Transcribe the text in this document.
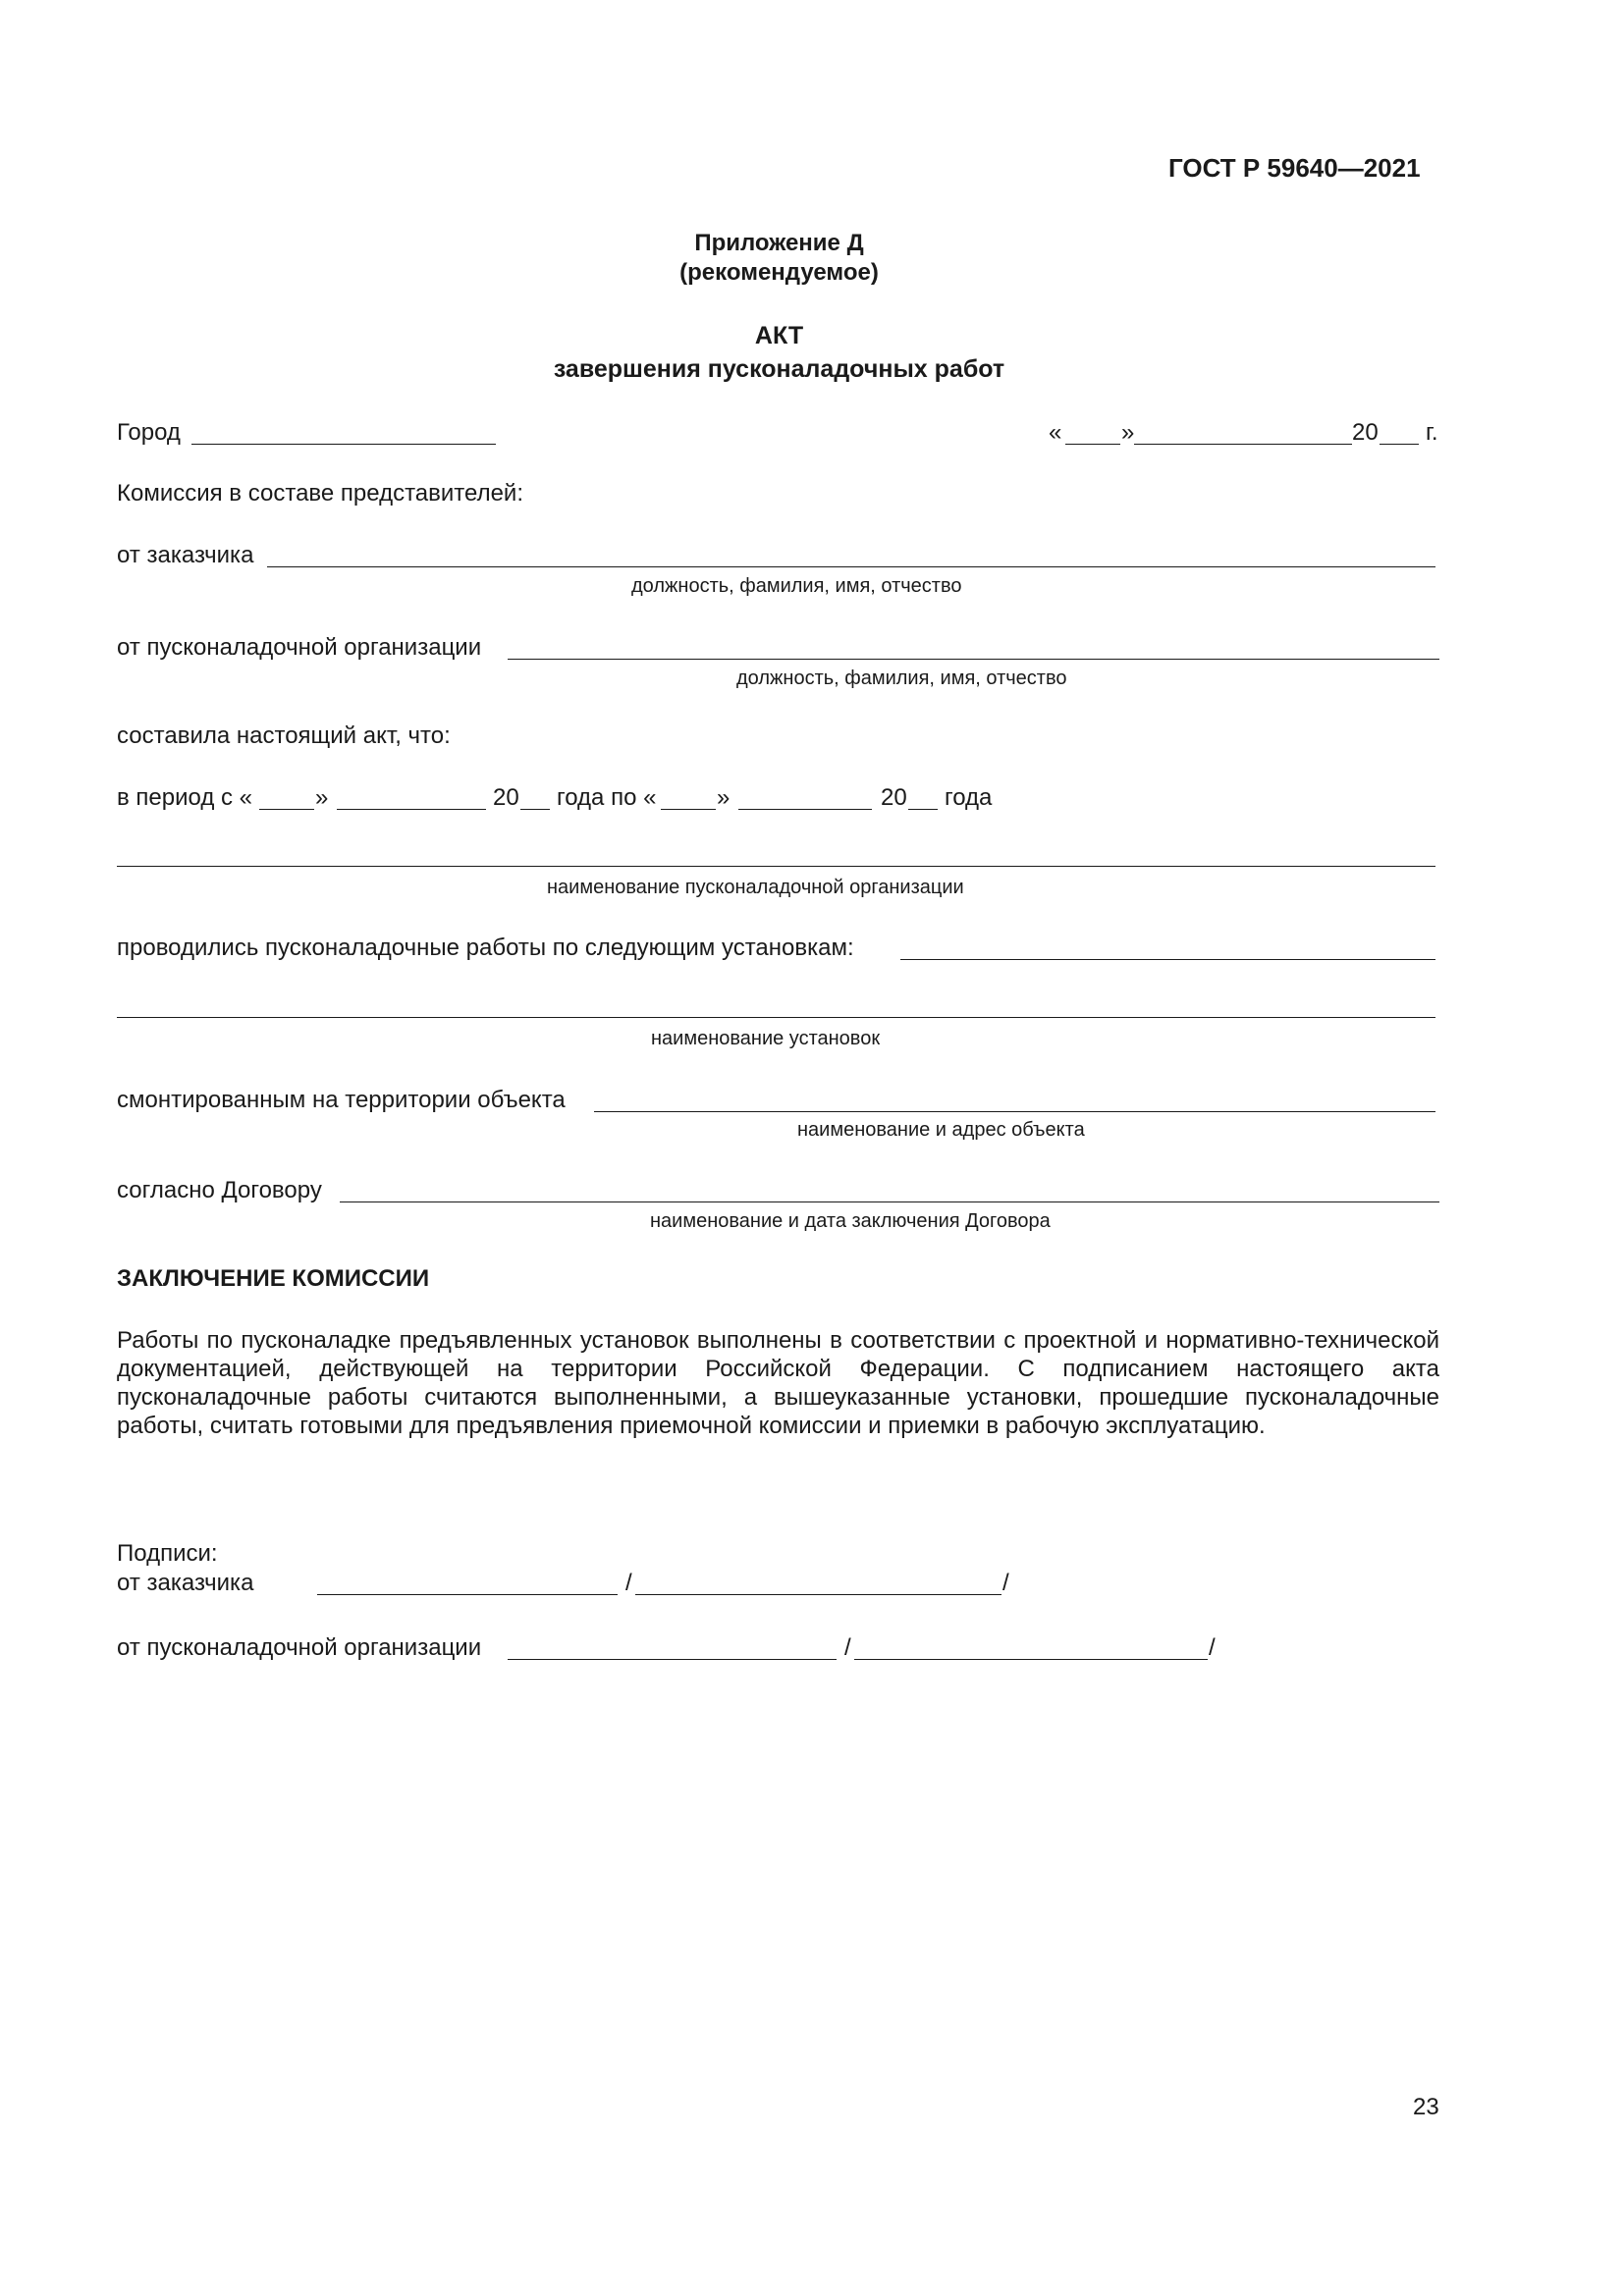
ГОСТ Р 59640—2021
Приложение Д
(рекомендуемое)
АКТ
завершения пусконаладочных работ
Город	«	»	20 г.
Комиссия в составе представителей:
от заказчика
должность, фамилия, имя, отчество
от пусконаладочной организации
должность, фамилия, имя, отчество
составила настоящий акт, что:
в период с «	»	20 года по «	»	20 года
наименование пусконаладочной организации
проводились пусконаладочные работы по следующим установкам:
наименование установок
смонтированным на территории объекта
наименование и адрес объекта
согласно Договору
наименование и дата заключения Договора
ЗАКЛЮЧЕНИЕ КОМИССИИ
Работы по пусконаладке предъявленных установок выполнены в соответствии с проектной и нормативно-технической документацией, действующей на территории Российской Федерации. С подписанием настоящего акта пусконаладочные работы считаются выполненными, а вышеуказанные установки, прошедшие пусконаладочные работы, считать готовыми для предъявления приемочной комиссии и приемки в рабочую эксплуатацию.
Подписи:
от заказчика	/	/
от пусконаладочной организации	/	/
23
